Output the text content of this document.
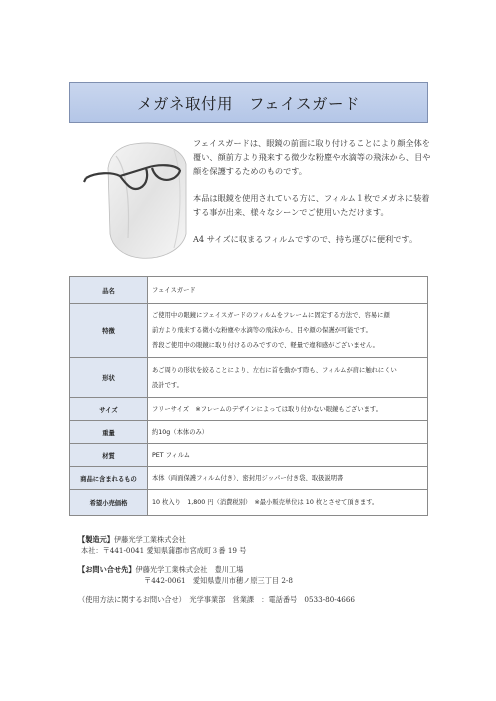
メガネ取付用　フェイスガード

フェイスガードは、眼鏡の前面に取り付けることにより顔全体を覆い、顔前方より飛来する微少な粉塵や水滴等の飛沫から、目や顔を保護するためのものです。

本品は眼鏡を使用されている方に、フィルム１枚でメガネに装着する事が出来、様々なシーンでご使用いただけます。

A4 サイズに収まるフィルムですので、持ち運びに便利です。

品名	フェイスガード
特徴	ご使用中の眼鏡にフェイスガードのフィルムをフレームに固定する方法で、容易に顔
前方より飛来する微小な粉塵や水滴等の飛沫から、目や顔の保護が可能です。
普段ご使用中の眼鏡に取り付けるのみですので、軽量で違和感がございません。

形状	あご周りの形状を絞ることにより、左右に首を動かす際も、フィルムが肩に触れにくい
設計です。

サイズ	フリーサイズ　※フレームのデザインによっては取り付かない眼鏡もございます。
重量	約10g（本体のみ）
材質	PET フィルム
商品に含まれるもの	本体（両面保護フィルム付き）、密封用ジッパー付き袋、取扱説明書
希望小売価格	10 枚入り　1,800 円（消費税別）　※最小販売単位は 10 枚とさせて頂きます。
【製造元】伊藤光学工業株式会社
本社：〒441-0041 愛知県蒲郡市宮成町３番 19 号
【お問い合せ先】伊藤光学工業株式会社　豊川工場
〒442-0061　愛知県豊川市穂ノ原三丁目 2-8
（使用方法に関するお問い合せ）　光学事業部　営業課　：電話番号　0533-80-4666
